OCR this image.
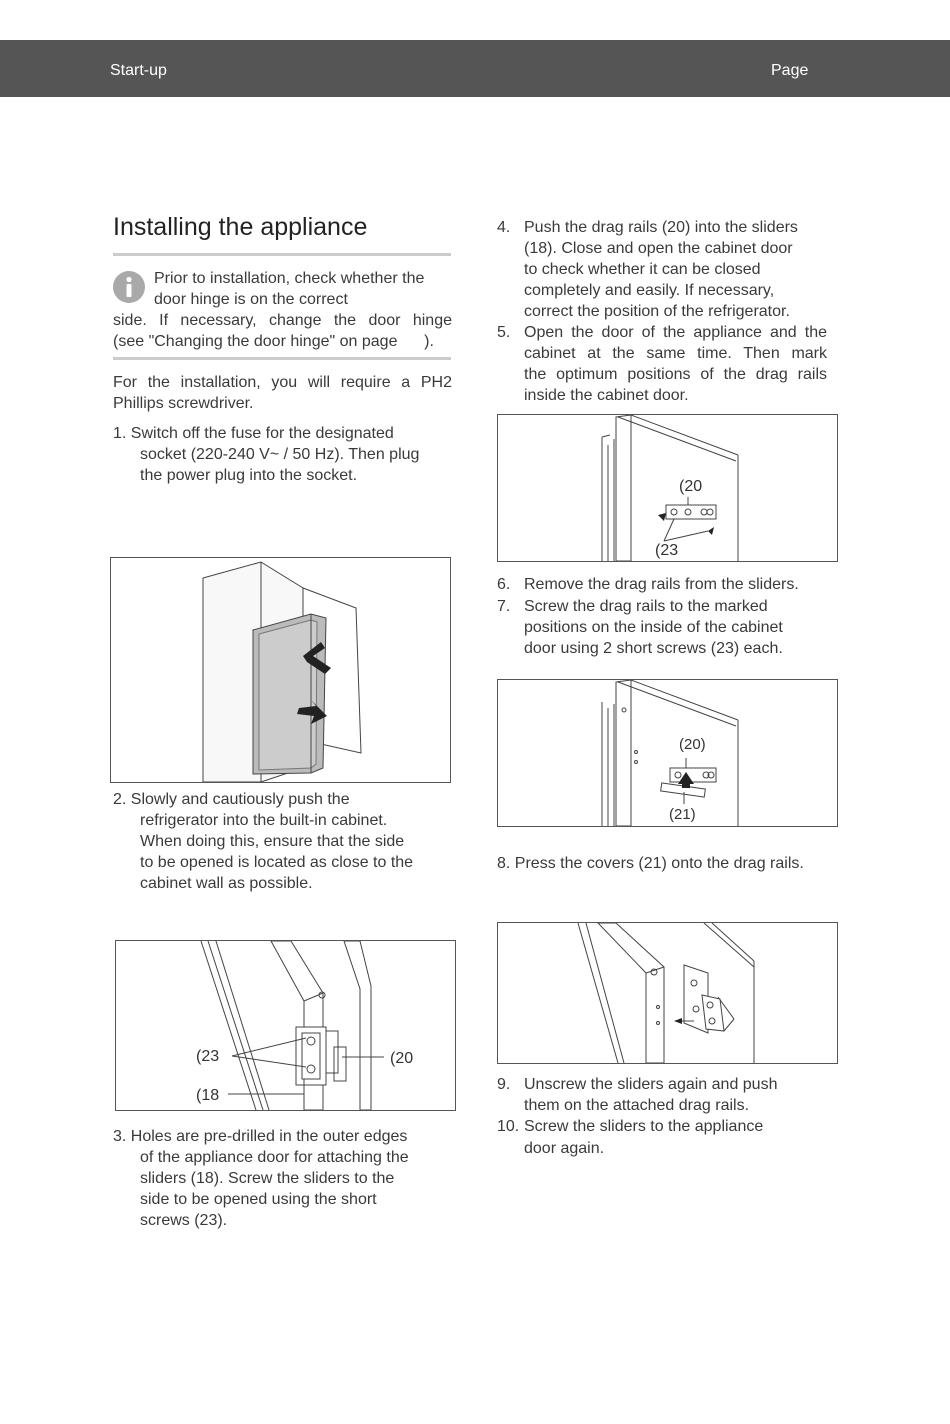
Start-up	Page
Installing the appliance
Prior to installation, check whether the
door hinge is on the correct
side. If necessary, change the door hinge
(see "Changing the door hinge" on page      ).
For the installation, you will require a PH2
Phillips screwdriver.
1. Switch off the fuse for the designated
socket (220-240 V~ / 50 Hz). Then plug
the power plug into the socket.
2. Slowly and cautiously push the
refrigerator into the built-in cabinet.
When doing this, ensure that the side
to be opened is located as close to the
cabinet wall as possible.
(23	(20
(18
3. Holes are pre-drilled in the outer edges
of the appliance door for attaching the
sliders (18). Screw the sliders to the
side to be opened using the short
screws (23).
4. Push the drag rails (20) into the sliders
(18). Close and open the cabinet door
to check whether it can be closed
completely and easily. If necessary,
correct the position of the refrigerator.
5. Open the door of the appliance and the
cabinet at the same time. Then mark
the optimum positions of the drag rails
inside the cabinet door.
(20
(23
6. Remove the drag rails from the sliders.
7. Screw the drag rails to the marked
positions on the inside of the cabinet
door using 2 short screws (23) each.
(20)
(21)
8. Press the covers (21) onto the drag rails.
9. Unscrew the sliders again and push
them on the attached drag rails.
10. Screw the sliders to the appliance
door again.
